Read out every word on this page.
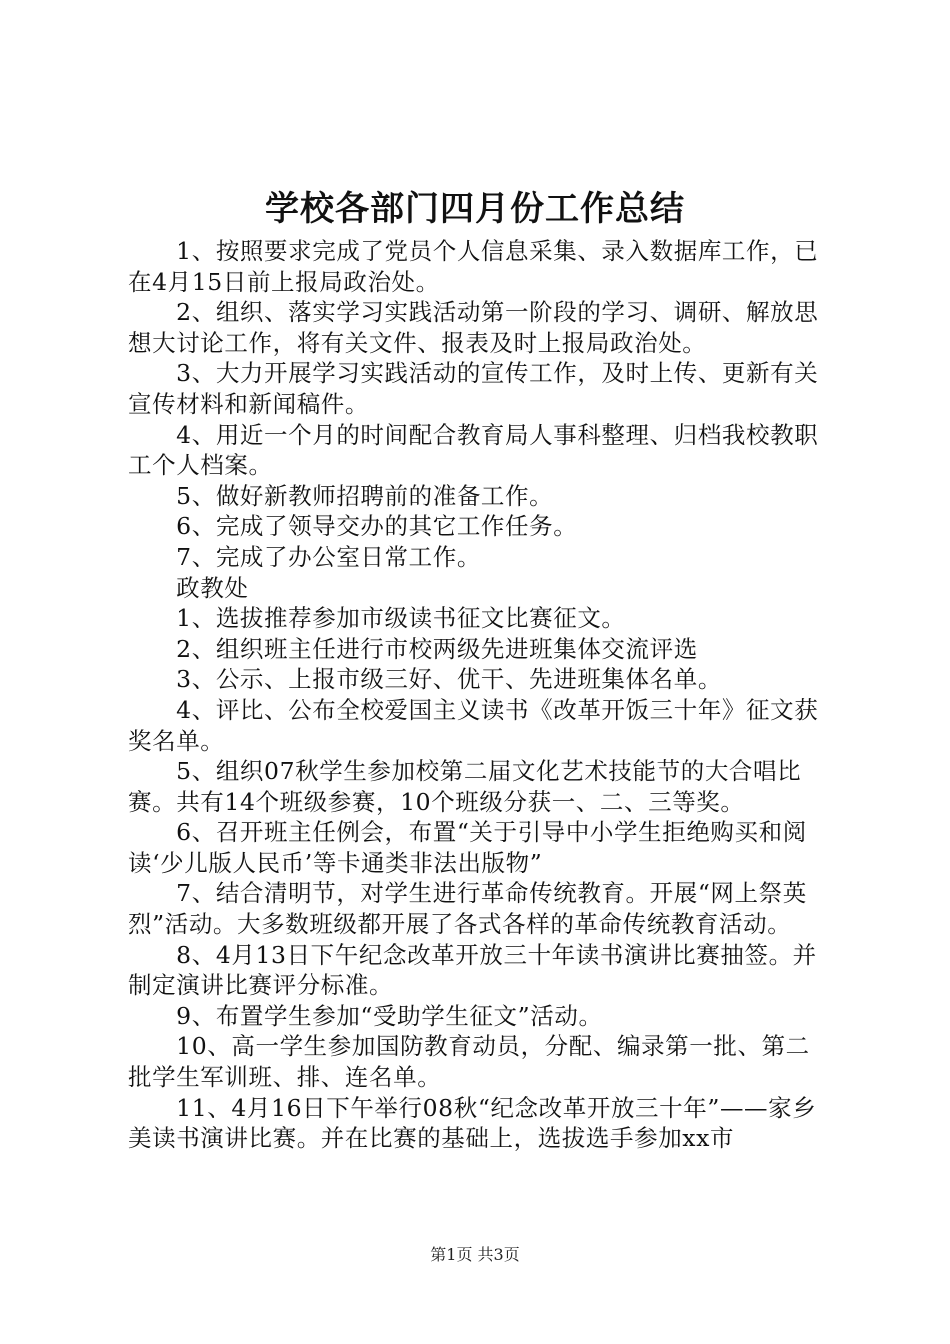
学校各部门四月份工作总结

1、按照要求完成了党员个人信息采集、录入数据库工作，已在4月15日前上报局政治处。

2、组织、落实学习实践活动第一阶段的学习、调研、解放思想大讨论工作，将有关文件、报表及时上报局政治处。

3、大力开展学习实践活动的宣传工作，及时上传、更新有关宣传材料和新闻稿件。

4、用近一个月的时间配合教育局人事科整理、归档我校教职工个人档案。

5、做好新教师招聘前的准备工作。

6、完成了领导交办的其它工作任务。

7、完成了办公室日常工作。

政教处

1、选拔推荐参加市级读书征文比赛征文。

2、组织班主任进行市校两级先进班集体交流评选

3、公示、上报市级三好、优干、先进班集体名单。

4、评比、公布全校爱国主义读书《改革开饭三十年》征文获奖名单。

5、组织07秋学生参加校第二届文化艺术技能节的大合唱比赛。共有14个班级参赛，10个班级分获一、二、三等奖。

6、召开班主任例会，布置“关于引导中小学生拒绝购买和阅读‘少儿版人民币’等卡通类非法出版物”

7、结合清明节，对学生进行革命传统教育。开展“网上祭英烈”活动。大多数班级都开展了各式各样的革命传统教育活动。

8、4月13日下午纪念改革开放三十年读书演讲比赛抽签。并制定演讲比赛评分标准。

9、布置学生参加“受助学生征文”活动。

10、高一学生参加国防教育动员，分配、编录第一批、第二批学生军训班、排、连名单。

11、4月16日下午举行08秋“纪念改革开放三十年”——家乡美读书演讲比赛。并在比赛的基础上，选拔选手参加xx市

第1页 共3页
